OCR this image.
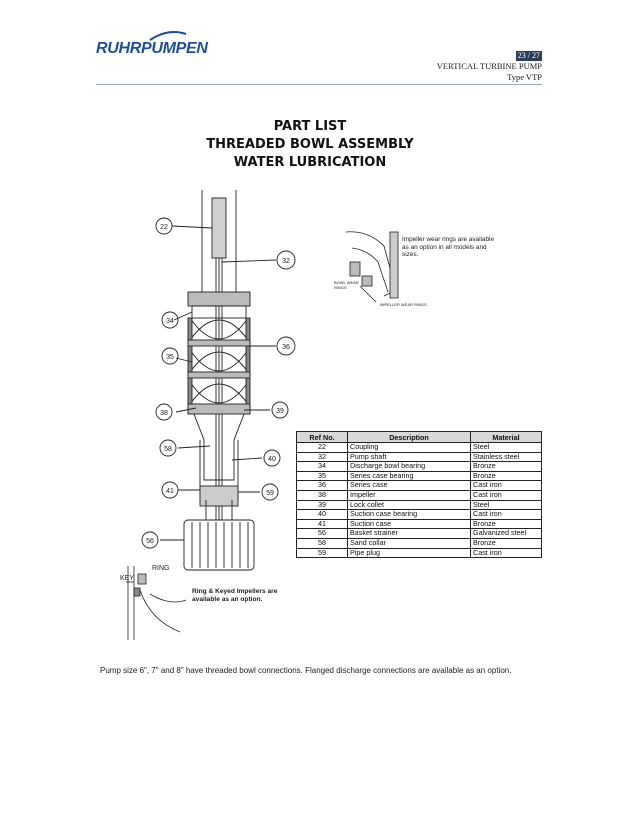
RUHRPUMPEN	23 / 27
VERTICAL TURBINE PUMP
Type VTP
PART LIST
THREADED BOWL ASSEMBLY
WATER LUBRICATION
22
32
34
36
35
38	39
58
40
41	59
56
Impeller wear rings are available as an option in all models and sizes.
BOWL WEAR RINGS
IMPELLER WEAR RINGS
KEY
RING
Ring & Keyed Impellers are available as an option.
Ref No.	Description	Material
22	Coupling	Steel
32	Pump shaft	Stainless steel
34	Discharge bowl bearing	Bronze
35	Series case bearing	Bronze
36	Series case	Cast iron
38	Impeller	Cast iron
39	Lock collet	Steel
40	Suction case bearing	Cast iron
41	Suction case	Bronze
56	Basket strainer	Galvanized steel
58	Sand collar	Bronze
59	Pipe plug	Cast iron
Pump size 6", 7" and 8" have threaded bowl connections. Flanged discharge connections are available as an option.
